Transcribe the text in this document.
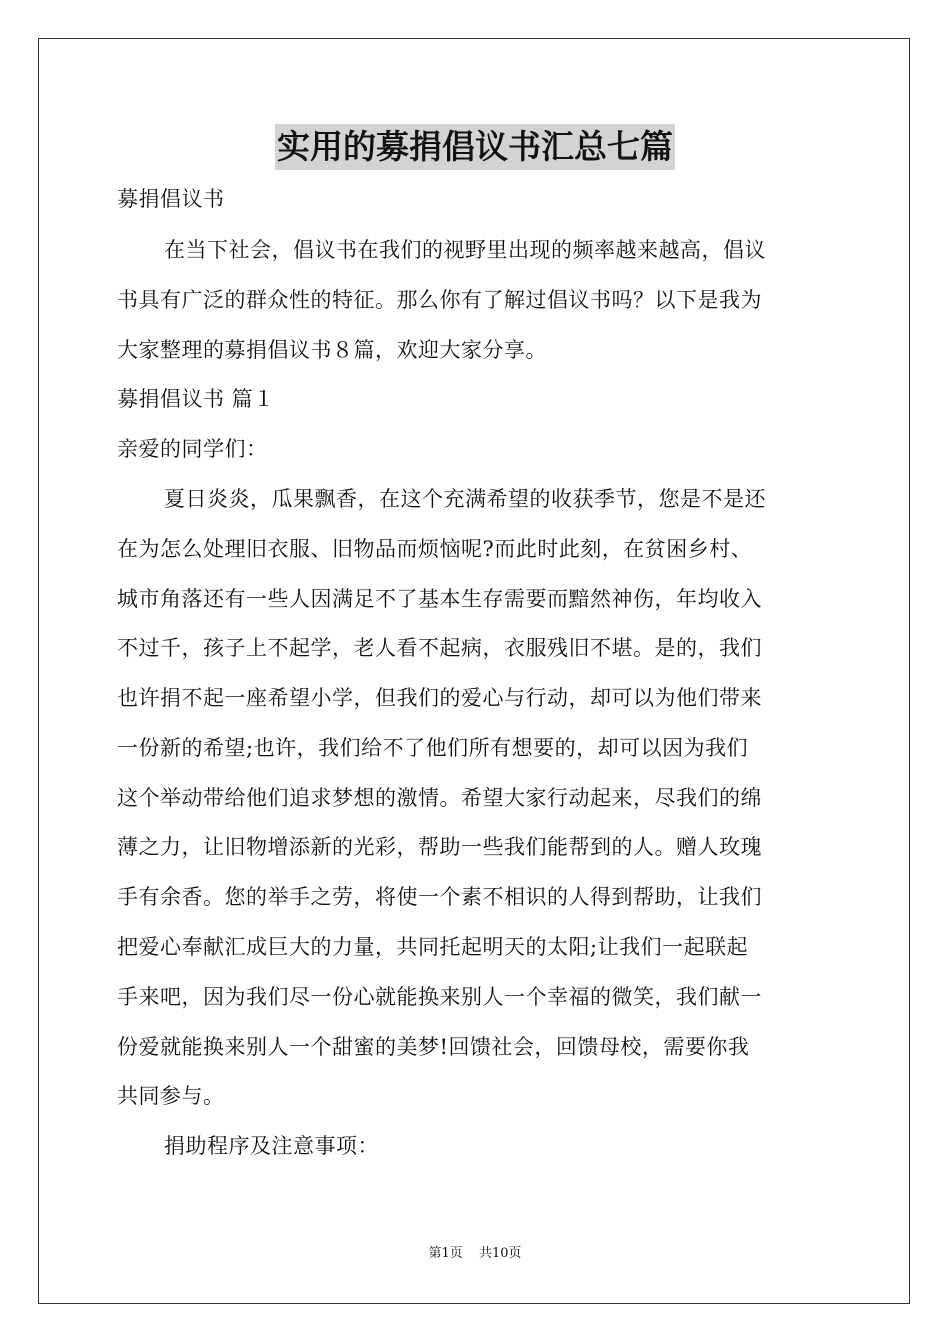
实用的募捐倡议书汇总七篇
募捐倡议书
在当下社会，倡议书在我们的视野里出现的频率越来越高，倡议
书具有广泛的群众性的特征。那么你有了解过倡议书吗？以下是我为
大家整理的募捐倡议书８篇，欢迎大家分享。
募捐倡议书 篇１
亲爱的同学们：
夏日炎炎，瓜果飘香，在这个充满希望的收获季节，您是不是还
在为怎么处理旧衣服、旧物品而烦恼呢?而此时此刻，在贫困乡村、
城市角落还有一些人因满足不了基本生存需要而黯然神伤，年均收入
不过千，孩子上不起学，老人看不起病，衣服残旧不堪。是的，我们
也许捐不起一座希望小学，但我们的爱心与行动，却可以为他们带来
一份新的希望;也许，我们给不了他们所有想要的，却可以因为我们
这个举动带给他们追求梦想的激情。希望大家行动起来，尽我们的绵
薄之力，让旧物增添新的光彩，帮助一些我们能帮到的人。赠人玫瑰
手有余香。您的举手之劳，将使一个素不相识的人得到帮助，让我们
把爱心奉献汇成巨大的力量，共同托起明天的太阳;让我们一起联起
手来吧，因为我们尽一份心就能换来别人一个幸福的微笑，我们献一
份爱就能换来别人一个甜蜜的美梦!回馈社会，回馈母校，需要你我
共同参与。
捐助程序及注意事项：
第1页 共10页
